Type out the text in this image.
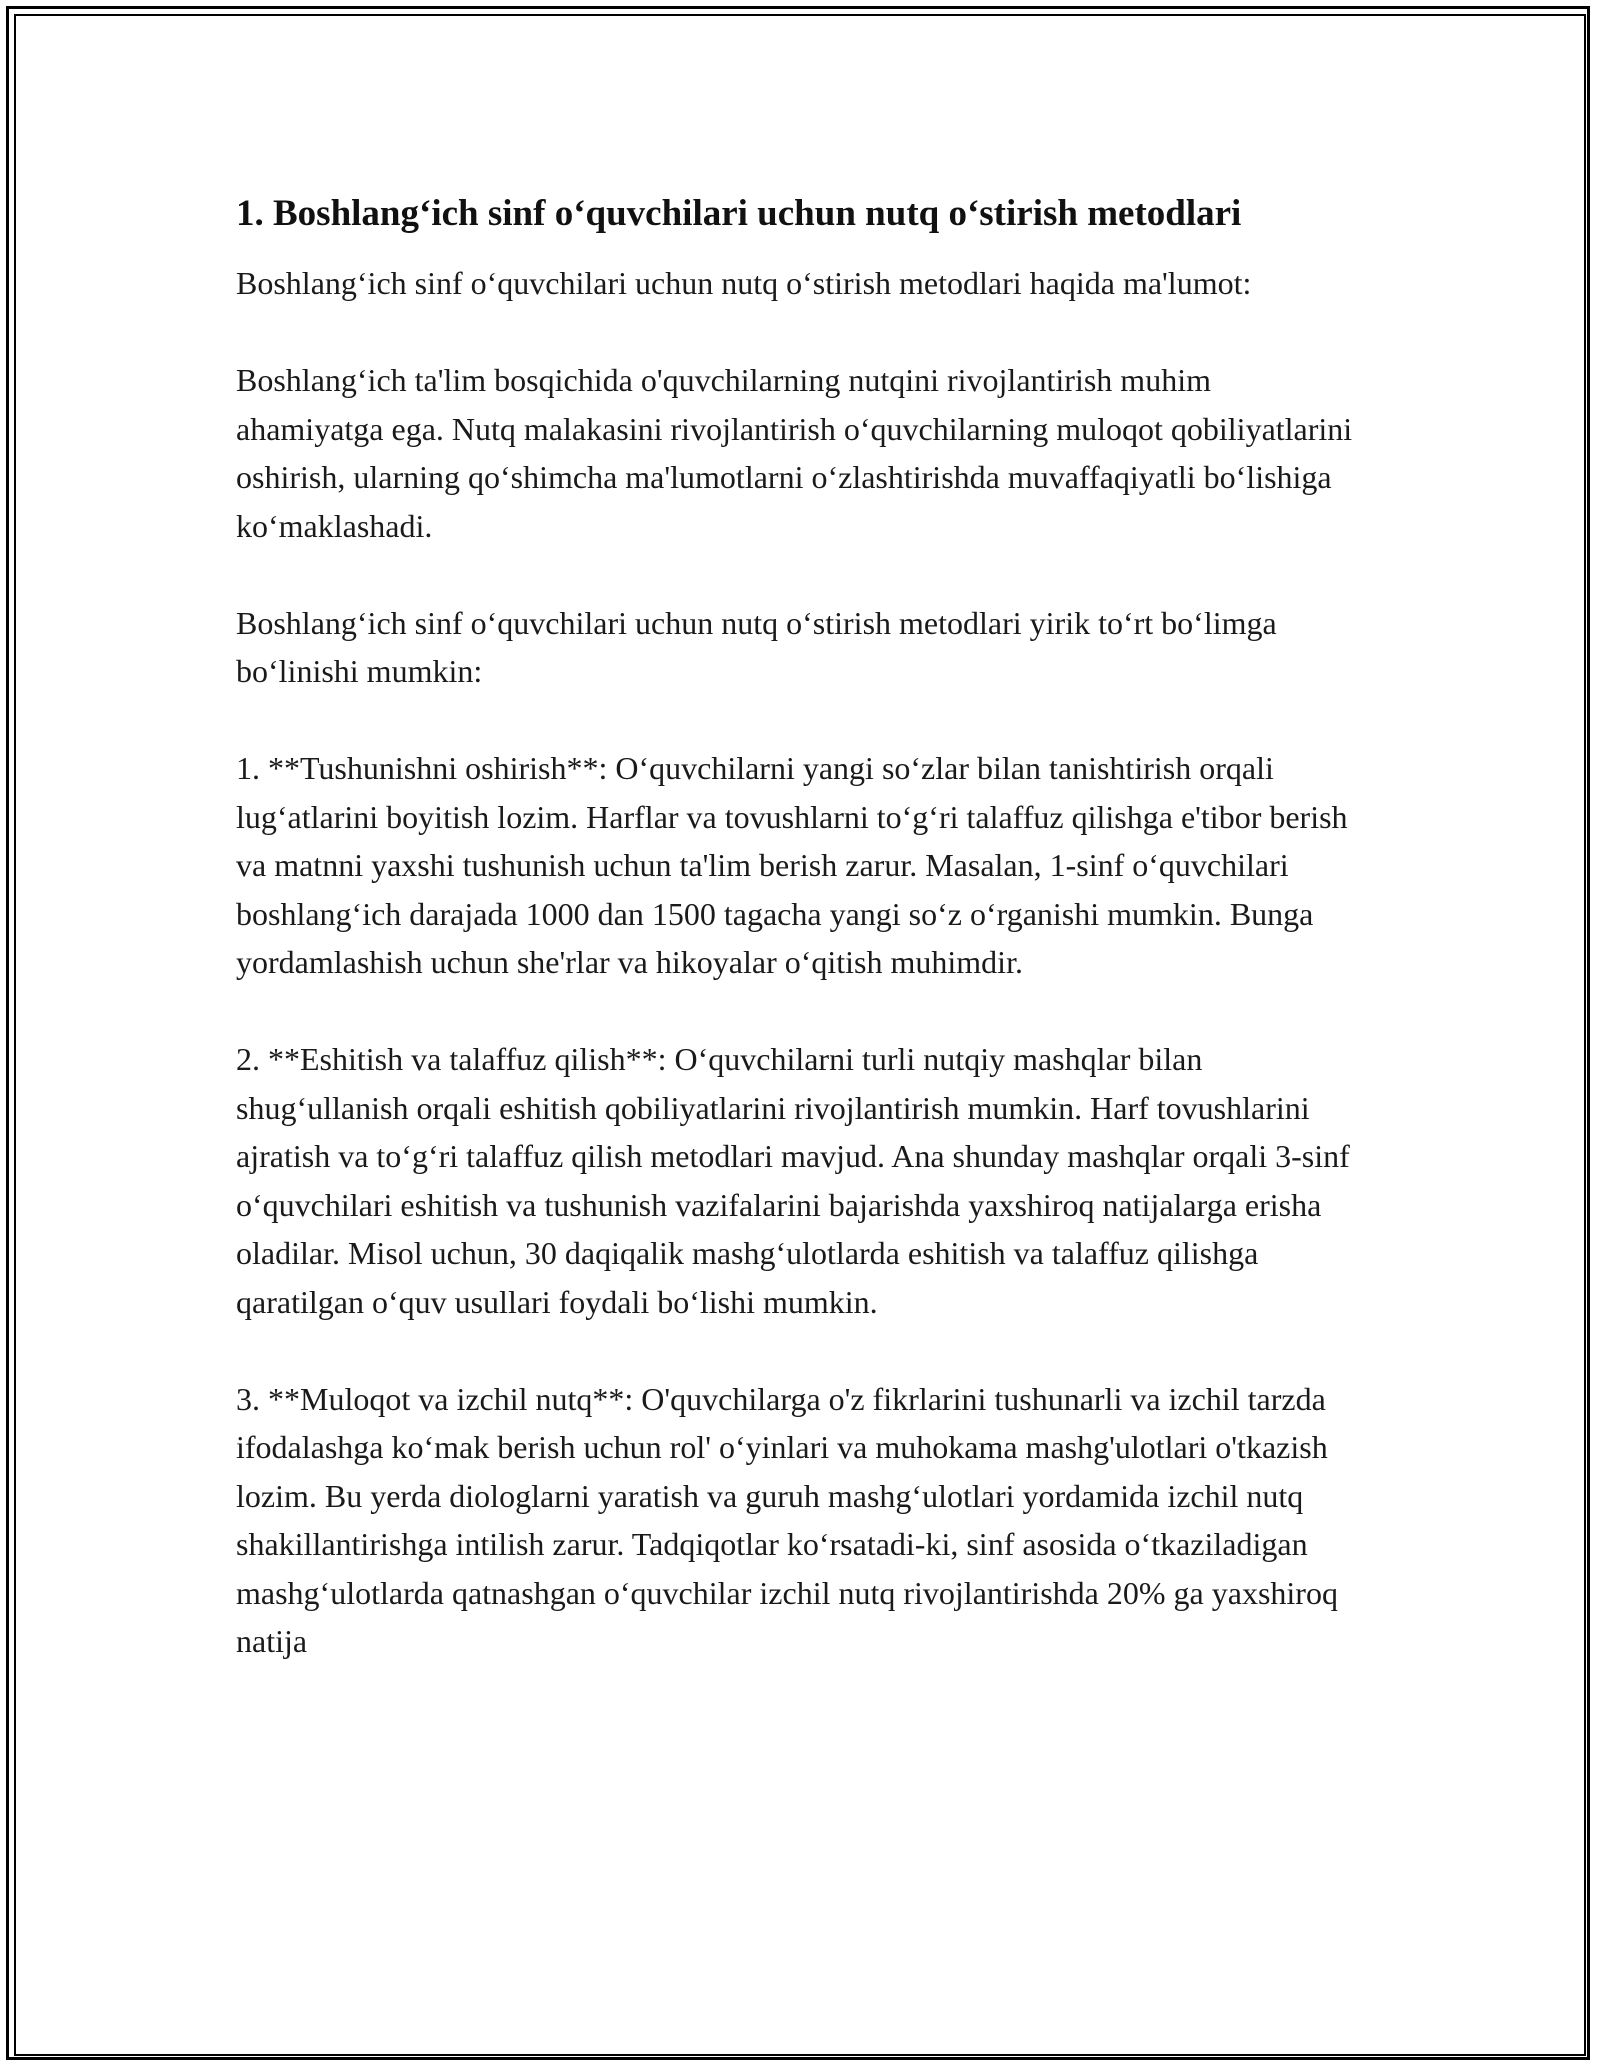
1. Boshlang‘ich sinf o‘quvchilari uchun nutq o‘stirish metodlari

Boshlang‘ich sinf o‘quvchilari uchun nutq o‘stirish metodlari haqida ma'lumot:

Boshlang‘ich ta'lim bosqichida o'quvchilarning nutqini rivojlantirish muhim ahamiyatga ega. Nutq malakasini rivojlantirish o‘quvchilarning muloqot qobiliyatlarini oshirish, ularning qo‘shimcha ma'lumotlarni o‘zlashtirishda muvaffaqiyatli bo‘lishiga ko‘maklashadi.

Boshlang‘ich sinf o‘quvchilari uchun nutq o‘stirish metodlari yirik to‘rt bo‘limga bo‘linishi mumkin:

1. **Tushunishni oshirish**: O‘quvchilarni yangi so‘zlar bilan tanishtirish orqali lug‘atlarini boyitish lozim. Harflar va tovushlarni to‘g‘ri talaffuz qilishga e'tibor berish va matnni yaxshi tushunish uchun ta'lim berish zarur. Masalan, 1-sinf o‘quvchilari boshlang‘ich darajada 1000 dan 1500 tagacha yangi so‘z o‘rganishi mumkin. Bunga yordamlashish uchun she'rlar va hikoyalar o‘qitish muhimdir.

2. **Eshitish va talaffuz qilish**: O‘quvchilarni turli nutqiy mashqlar bilan shug‘ullanish orqali eshitish qobiliyatlarini rivojlantirish mumkin. Harf tovushlarini ajratish va to‘g‘ri talaffuz qilish metodlari mavjud. Ana shunday mashqlar orqali 3-sinf o‘quvchilari eshitish va tushunish vazifalarini bajarishda yaxshiroq natijalarga erisha oladilar. Misol uchun, 30 daqiqalik mashg‘ulotlarda eshitish va talaffuz qilishga qaratilgan o‘quv usullari foydali bo‘lishi mumkin.

3. **Muloqot va izchil nutq**: O'quvchilarga o'z fikrlarini tushunarli va izchil tarzda ifodalashga ko‘mak berish uchun rol' o‘yinlari va muhokama mashg'ulotlari o'tkazish lozim. Bu yerda diologlarni yaratish va guruh mashg‘ulotlari yordamida izchil nutq shakillantirishga intilish zarur. Tadqiqotlar ko‘rsatadi-ki, sinf asosida o‘tkaziladigan mashg‘ulotlarda qatnashgan o‘quvchilar izchil nutq rivojlantirishda 20% ga yaxshiroq natija
